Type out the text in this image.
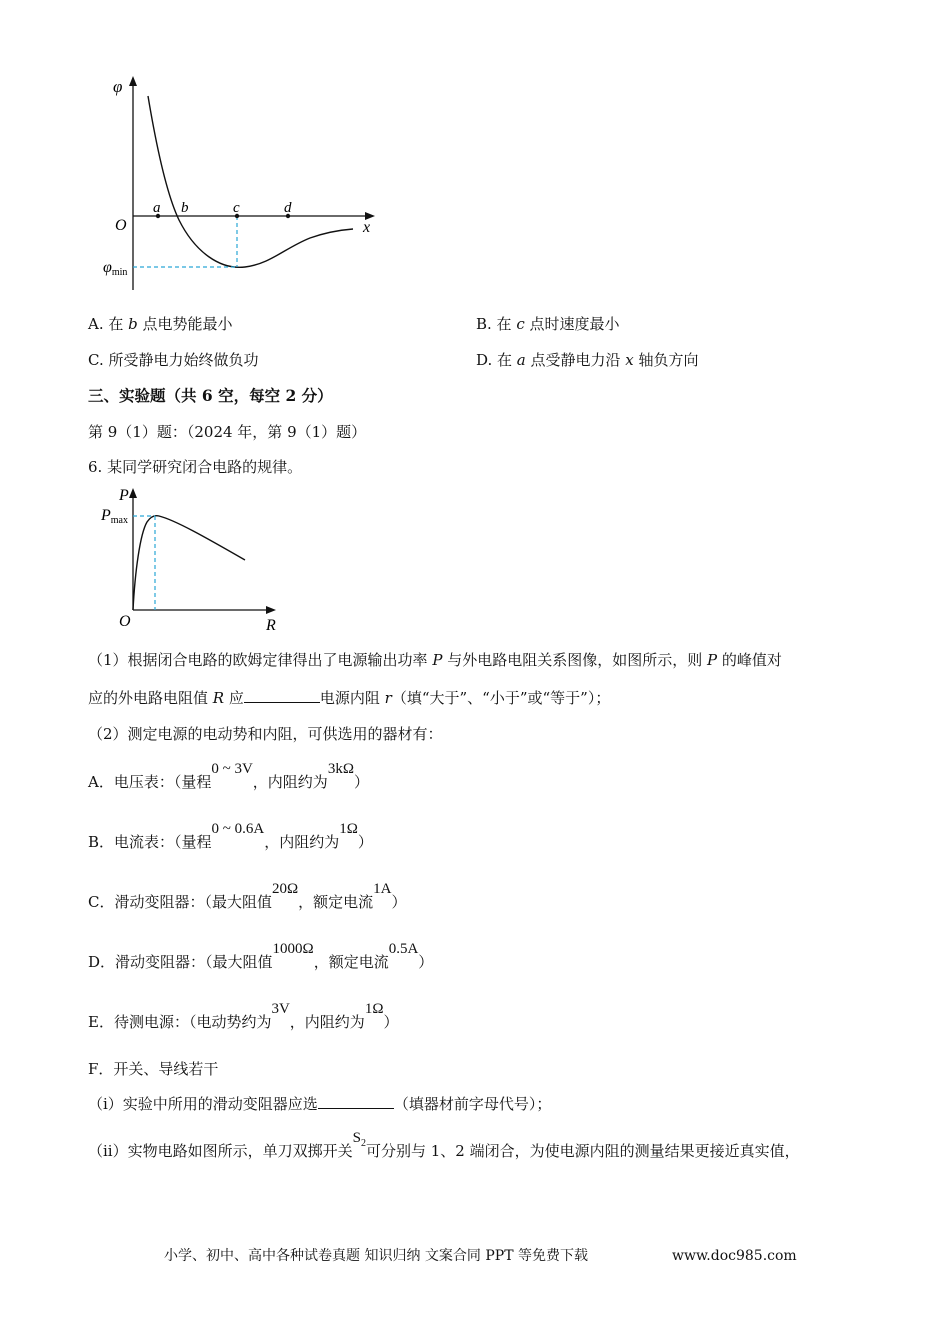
φ
O	x
a b	c	d
φmin
A. 在 b 点电势能最小	B. 在 c 点时速度最小
C. 所受静电力始终做负功	D. 在 a 点受静电力沿 x 轴负方向
三、实验题（共 6 空，每空 2 分）
第 9（1）题：（2024 年，第 9（1）题）
6. 某同学研究闭合电路的规律。
P
Pmax
O	R
（1）根据闭合电路的欧姆定律得出了电源输出功率 P 与外电路电阻关系图像，如图所示，则 P 的峰值对
应的外电路电阻值 R 应	电源内阻 r（填“大于”、“小于”或“等于”）；
（2）测定电源的电动势和内阻，可供选用的器材有：
A．电压表：（量程0 ~ 3V，内阻约为3kΩ）
B．电流表：（量程0 ~ 0.6A，内阻约为1Ω）
C．滑动变阻器：（最大阻值20Ω，额定电流1A）
D．滑动变阻器：（最大阻值1000Ω，额定电流0.5A）
E．待测电源：（电动势约为3V，内阻约为1Ω）
F．开关、导线若干
（i）实验中所用的滑动变阻器应选	（填器材前字母代号）；
（ii）实物电路如图所示，单刀双掷开关$S_2$可分别与 1、2 端闭合，为使电源内阻的测量结果更接近真实值，
小学、初中、高中各种试卷真题 知识归纳 文案合同 PPT 等免费下载	www.doc985.com
